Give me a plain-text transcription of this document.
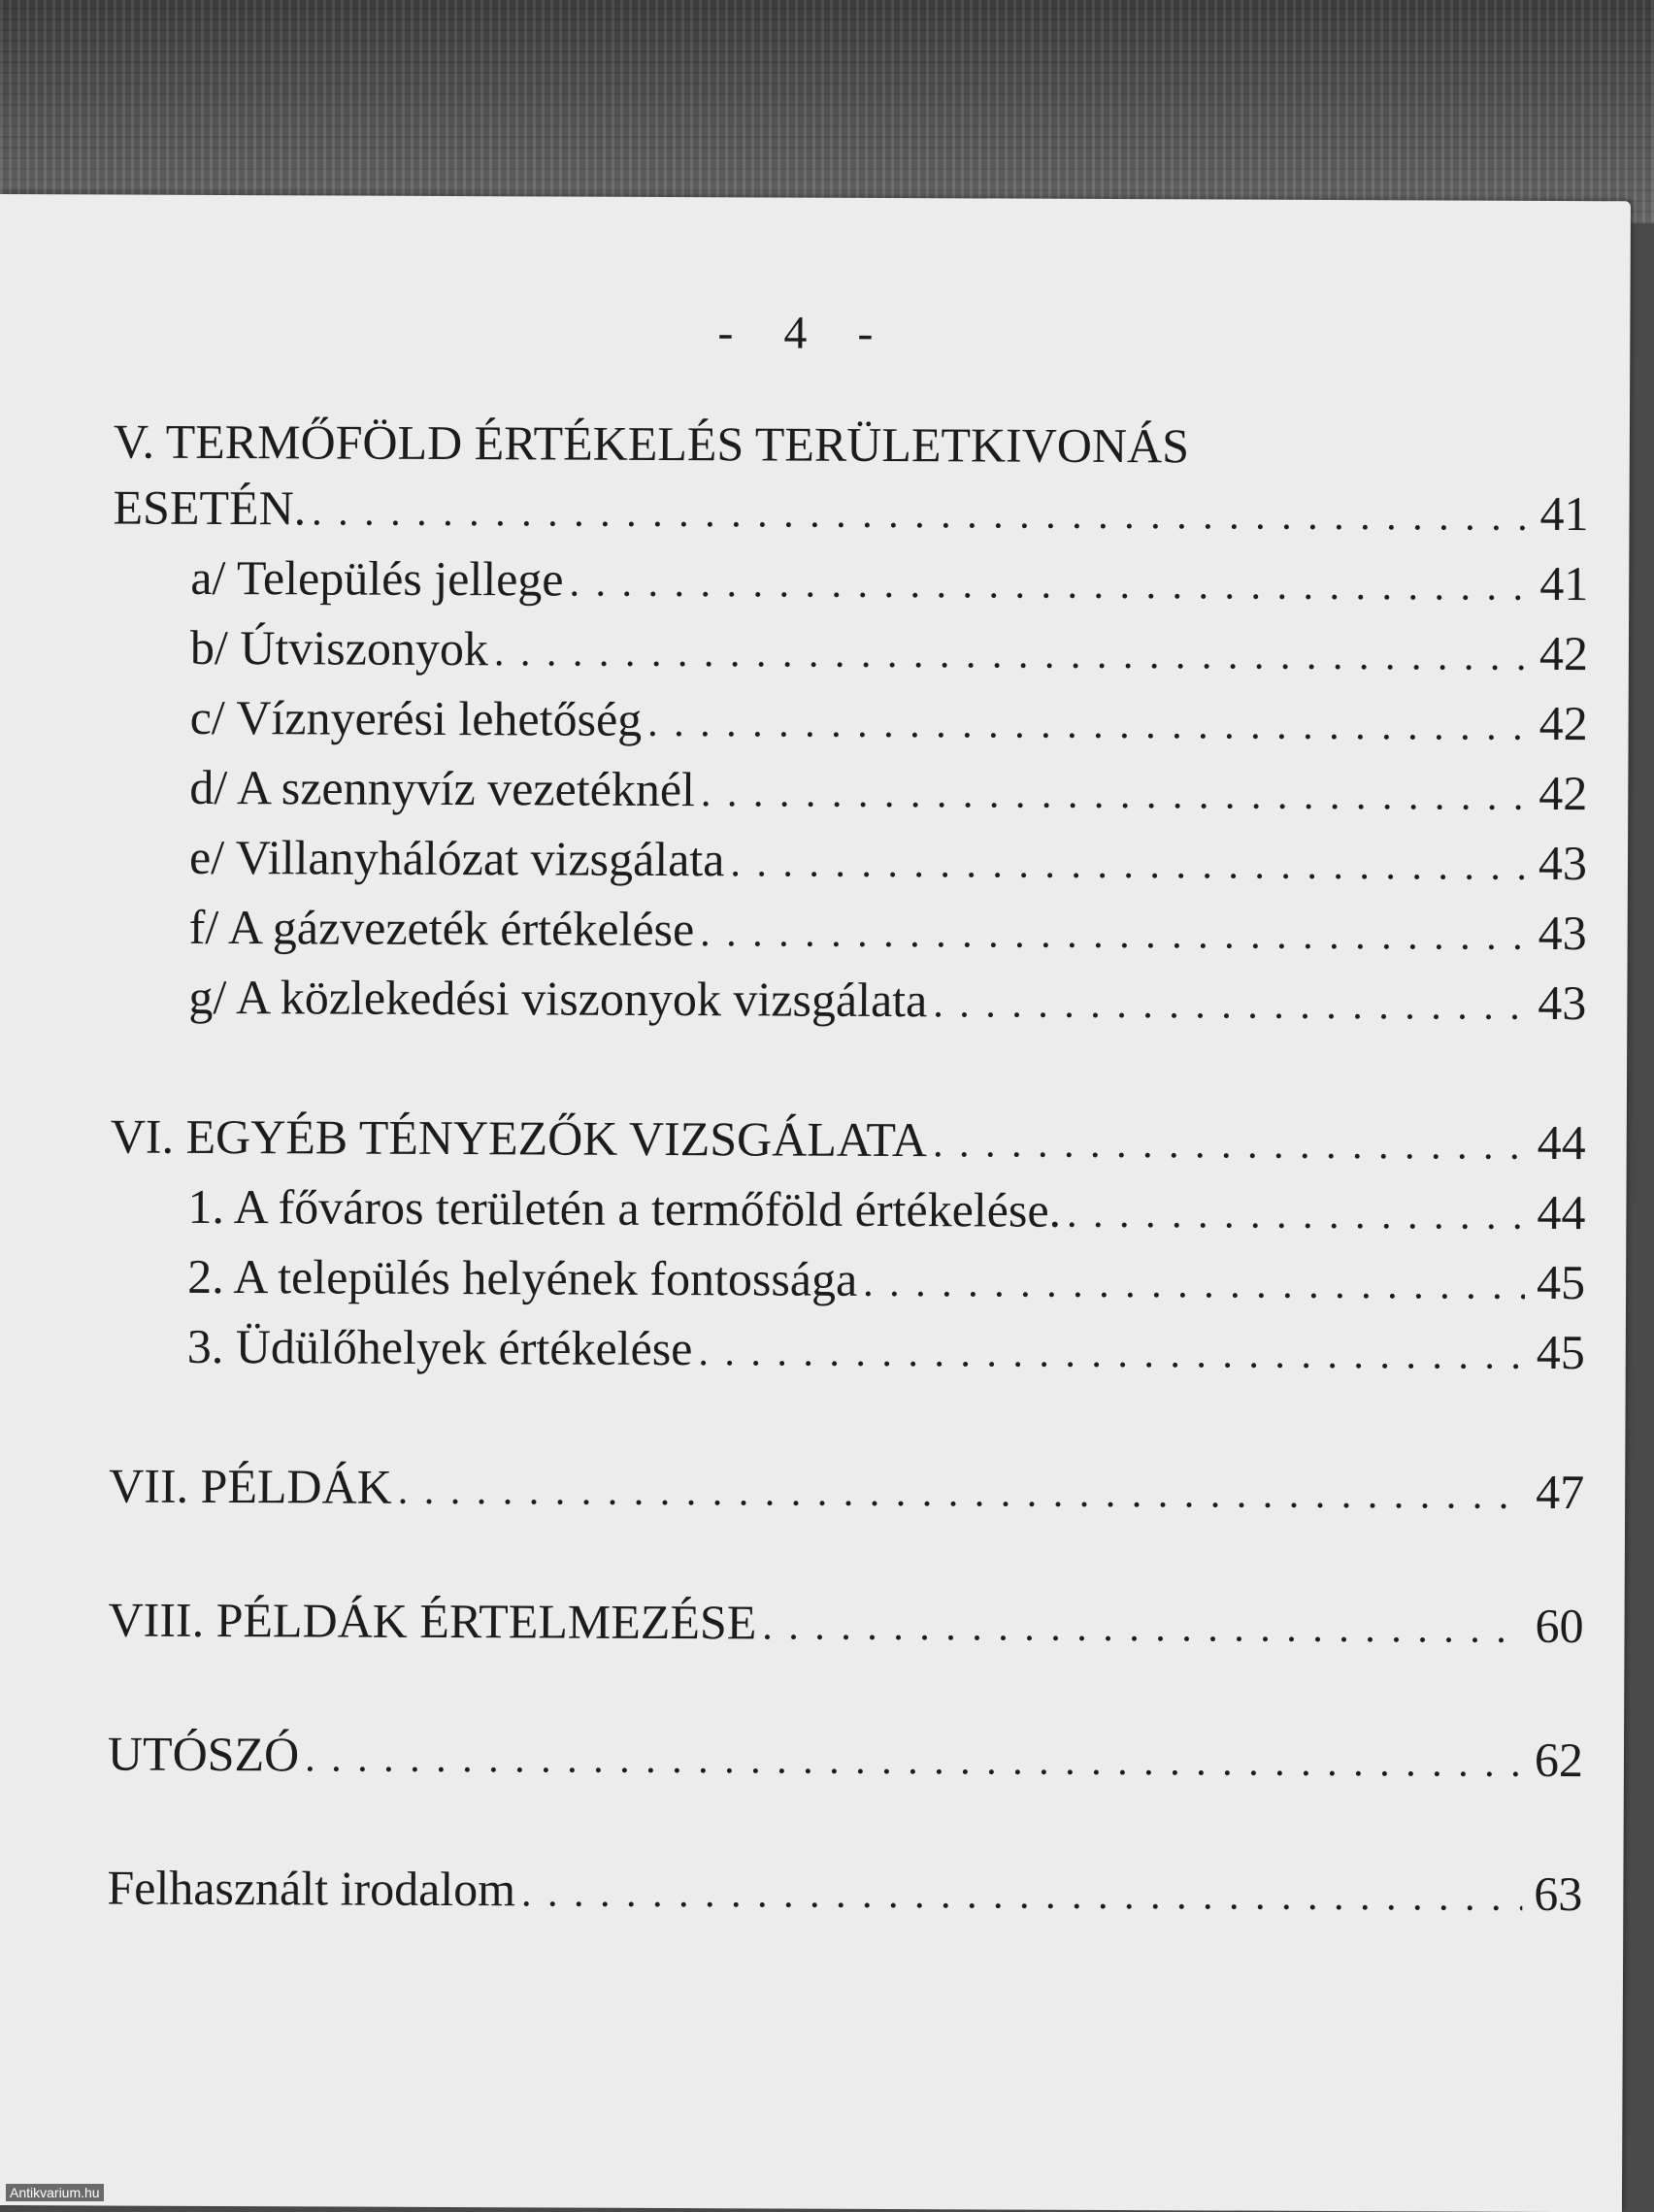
- 4 -
V. TERMŐFÖLD ÉRTÉKELÉS TERÜLETKIVONÁS
ESETÉN. . . .	41
a/ Település jellege . . .	41
b/ Útviszonyok . . .	42
c/ Víznyerési lehetőség . . .	42
d/ A szennyvíz vezetéknél . . .	42
e/ Villanyhálózat vizsgálata . . .	43
f/ A gázvezeték értékelése . . .	43
g/ A közlekedési viszonyok vizsgálata . . .	43
VI. EGYÉB TÉNYEZŐK VIZSGÁLATA . . .	44
1. A főváros területén a termőföld értékelése. . . .	44
2. A település helyének fontossága . . .	45
3. Üdülőhelyek értékelése . . .	45
VII. PÉLDÁK . . .	47
VIII. PÉLDÁK ÉRTELMEZÉSE . . .	60
UTÓSZÓ . . .	62
Felhasznált irodalom . . .	63
Antikvarium.hu
